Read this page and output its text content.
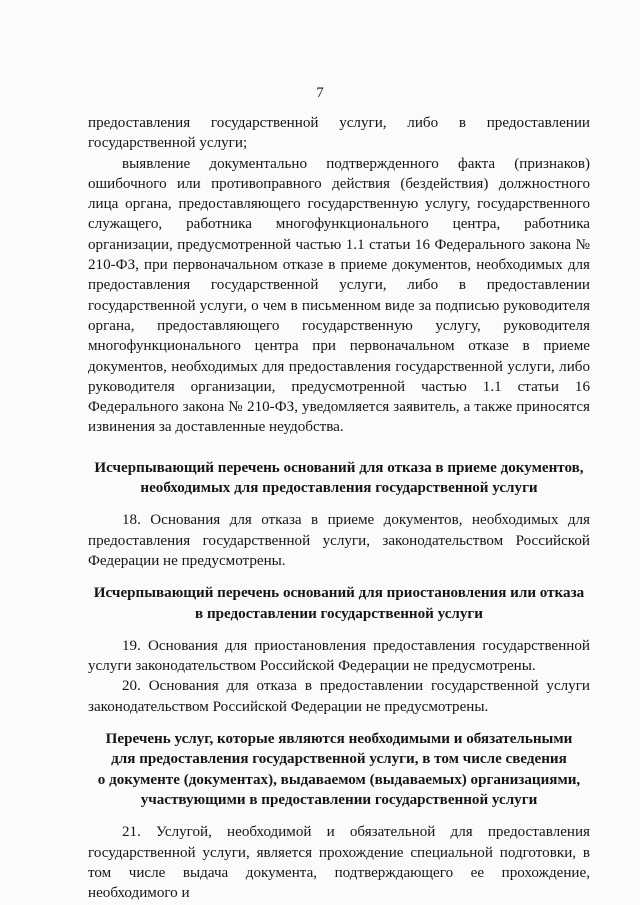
7

предоставления государственной услуги, либо в предоставлении государственной услуги;

выявление документально подтвержденного факта (признаков) ошибочного или противоправного действия (бездействия) должностного лица органа, предоставляющего государственную услугу, государственного служащего, работника многофункционального центра, работника организации, предусмотренной частью 1.1 статьи 16 Федерального закона № 210-ФЗ, при первоначальном отказе в приеме документов, необходимых для предоставления государственной услуги, либо в предоставлении государственной услуги, о чем в письменном виде за подписью руководителя органа, предоставляющего государственную услугу, руководителя многофункционального центра при первоначальном отказе в приеме документов, необходимых для предоставления государственной услуги, либо руководителя организации, предусмотренной частью 1.1 статьи 16 Федерального закона № 210-ФЗ, уведомляется заявитель, а также приносятся извинения за доставленные неудобства.

Исчерпывающий перечень оснований для отказа в приеме документов,
необходимых для предоставления государственной услуги

18. Основания для отказа в приеме документов, необходимых для предоставления государственной услуги, законодательством Российской Федерации не предусмотрены.

Исчерпывающий перечень оснований для приостановления или отказа
в предоставлении государственной услуги

19. Основания для приостановления предоставления государственной услуги законодательством Российской Федерации не предусмотрены.

20. Основания для отказа в предоставлении государственной услуги законодательством Российской Федерации не предусмотрены.

Перечень услуг, которые являются необходимыми и обязательными
для предоставления государственной услуги, в том числе сведения
о документе (документах), выдаваемом (выдаваемых) организациями,
участвующими в предоставлении государственной услуги

21. Услугой, необходимой и обязательной для предоставления государственной услуги, является прохождение специальной подготовки, в том числе выдача документа, подтверждающего ее прохождение, необходимого и
